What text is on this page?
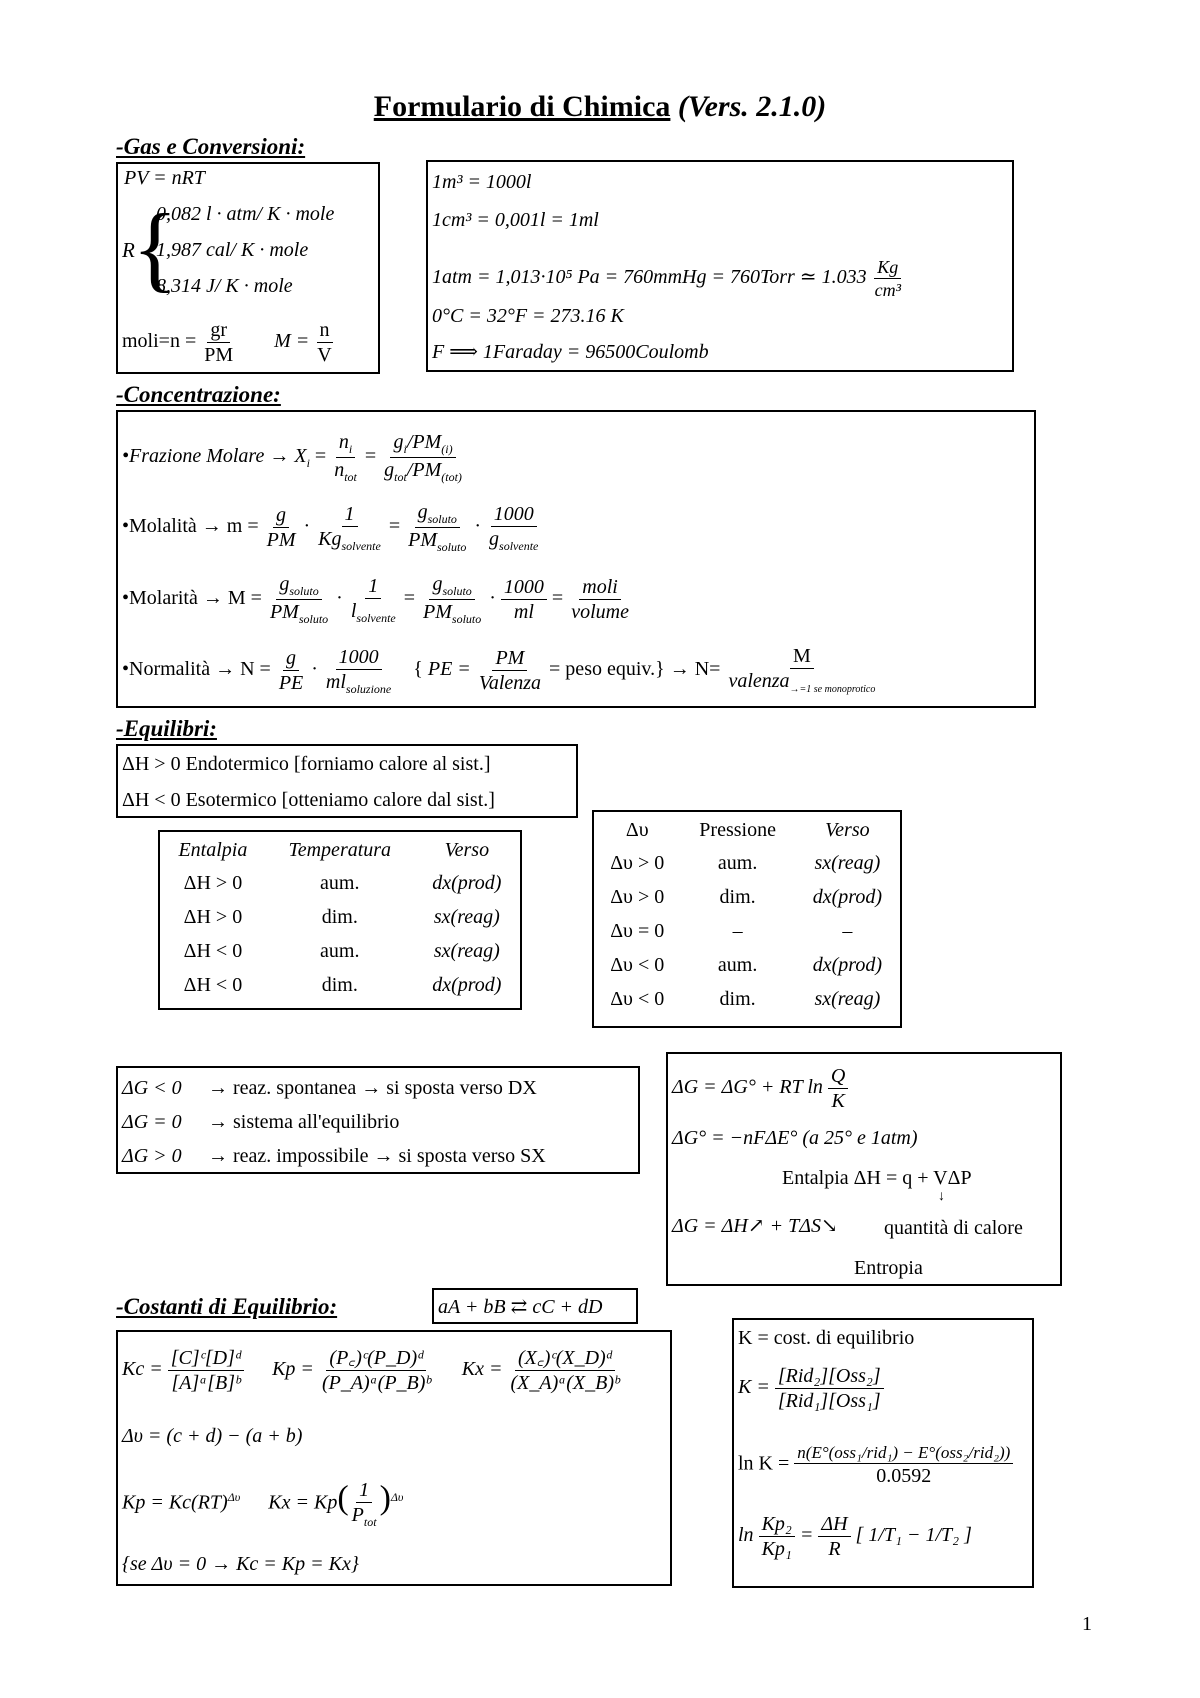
Formulario di Chimica (Vers. 2.1.0)
-Gas e Conversioni:
PV = nRT
R
{
0,082 l · atm/ K · mole
1,987 cal/ K · mole
8,314 J/ K · mole
moli=n = $\frac{gr}{PM}$ $M = \frac{n}{V}$
1m³ = 1000l
1cm³ = 0,001l = 1ml
1atm = 1,013·10⁵ Pa = 760mmHg = 760Torr ≃ $1.033 \frac{Kg}{\text{cm³}}$
0°C = 32°F = 273.16 K
F ⟹ 1Faraday = 96500Coulomb
-Concentrazione:
•Frazione Molare → $X_i = \frac{n_i}{n_{tot}} = \frac{g_i/PM_{(i)}}{g_{tot}/PM_{(tot)}}$
•Molalità → $m = \frac{g}{PM} \cdot \frac{1}{Kg_{solvente}} = \frac{g_{soluto}}{PM_{soluto}} \cdot \frac{1000}{g_{solvente}}$
•Molarità → $M = \frac{g_{soluto}}{PM_{soluto}} \cdot \frac{1}{l_{solvente}} = \frac{g_{soluto}}{PM_{soluto}} \cdot \frac{1000}{ml} = \frac{\text{moli}}{\text{volume}}$
•Normalità → $N = \frac{g}{PE} \cdot \frac{1000}{ml_{soluzione}}$ { PE = $\frac{PM}{\text{Valenza}}$ = peso equiv.} → $N= \frac{M}{valenza_{\to=1 se monoprotico}}$
-Equilibri:
ΔH > 0 Endotermico [forniamo calore al sist.]
ΔH < 0 Esotermico [otteniamo calore dal sist.]
Entalpia	Temperatura	Verso
ΔH > 0	aum.	dx(prod)
ΔH > 0	dim.	sx(reag)
ΔH < 0	aum.	sx(reag)
ΔH < 0	dim.	dx(prod)
Δυ	Pressione	Verso
Δυ > 0	aum.	sx(reag)
Δυ > 0	dim.	dx(prod)
Δυ = 0	–	–
Δυ < 0	aum.	dx(prod)
Δυ < 0	dim.	sx(reag)
ΔG < 0 → reaz. spontanea → si sposta verso DX
ΔG = 0 → sistema all'equilibrio
ΔG > 0 → reaz. impossibile → si sposta verso SX
ΔG = ΔG° + RT $\ln \frac{Q}{K}$
ΔG° = −nFΔE° (a 25° e 1atm)
Entalpia ΔH = q + VΔP
↓
ΔG = ΔH↗ + TΔS↘ quantità di calore
Entropia
-Costanti di Equilibrio:	aA + bB ⇄ cC + dD
$Kc = \frac{\text{[C]ᶜ[D]ᵈ}}{\text{[A]ᵃ[B]ᵇ}}$ $Kp = \frac{\text{(P꜀)ᶜ(P\_D)ᵈ}}{\text{(P\_A)ᵃ(P\_B)ᵇ}}$ $Kx = \frac{\text{(X꜀)ᶜ(X\_D)ᵈ}}{\text{(X\_A)ᵃ(X\_B)ᵇ}}$
Δυ = (c + d) − (a + b)
Kp = Kc(RT)$^{\Delta\upsilon}$ $Kx = Kp( \frac{1}{P_{tot}} )^{\Delta\upsilon}$
{se Δυ = 0 → Kc = Kp = Kx}
K = cost. di equilibrio
$K = \frac{\text{[Rid₂][Oss₂]}}{\text{[Rid₁][Oss₁]}}$
$\ln K = \frac{\text{n(E°(oss₁/rid₁) − E°(oss₂/rid₂))}}{0.0592}$
$\ln \frac{\text{Kp₂}}{\text{Kp₁}} = \frac{\Delta H}{R}$ [ 1/T₁ − 1/T₂ ]
1
